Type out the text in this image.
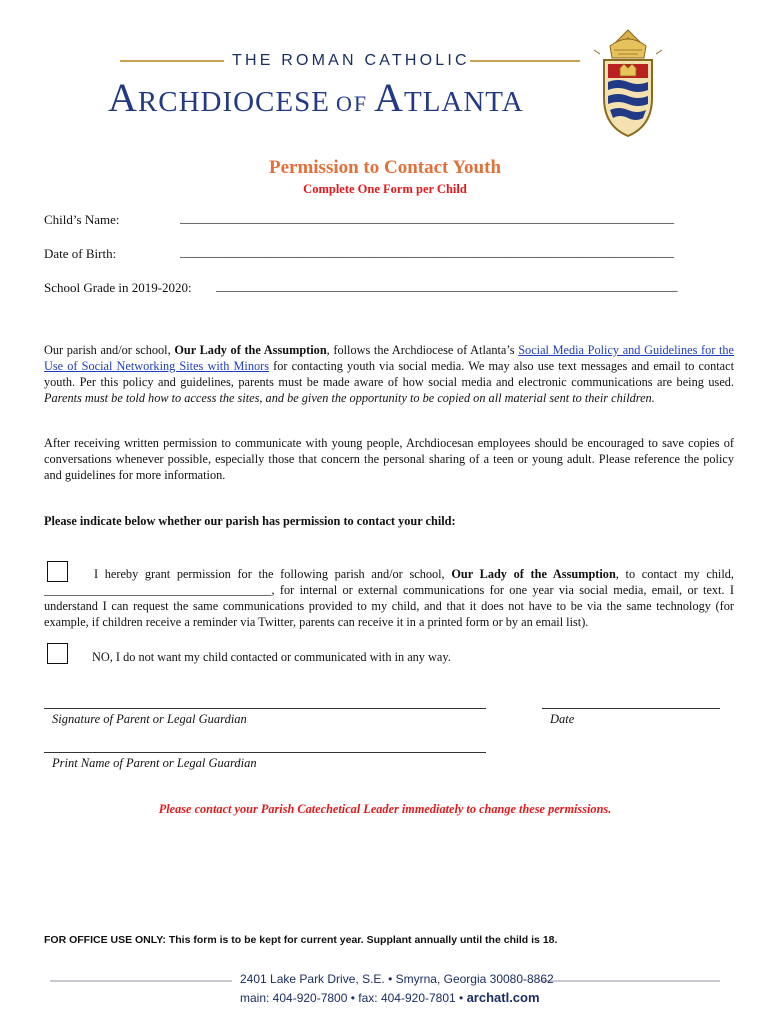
THE ROMAN CATHOLIC
ARCHDIOCESE OF ATLANTA
Permission to Contact Youth
Complete One Form per Child
Child’s Name:	____________________________________________________________________________
Date of Birth:	____________________________________________________________________________
School Grade in 2019-2020: _______________________________________________________________________
Our parish and/or school, Our Lady of the Assumption, follows the Archdiocese of Atlanta’s Social Media Policy and Guidelines for the Use of Social Networking Sites with Minors for contacting youth via social media. We may also use text messages and email to contact youth. Per this policy and guidelines, parents must be made aware of how social media and electronic communications are being used. Parents must be told how to access the sites, and be given the opportunity to be copied on all material sent to their children.
After receiving written permission to communicate with young people, Archdiocesan employees should be encouraged to save copies of conversations whenever possible, especially those that concern the personal sharing of a teen or young adult. Please reference the policy and guidelines for more information.
Please indicate below whether our parish has permission to contact your child:
I hereby grant permission for the following parish and/or school, Our Lady of the Assumption, to contact my child, _____________________________________, for internal or external communications for one year via social media, email, or text. I understand I can request the same communications provided to my child, and that it does not have to be via the same technology (for example, if children receive a reminder via Twitter, parents can receive it in a printed form or by an email list).
NO, I do not want my child contacted or communicated with in any way.
Signature of Parent or Legal Guardian	Date
Print Name of Parent or Legal Guardian
Please contact your Parish Catechetical Leader immediately to change these permissions.
FOR OFFICE USE ONLY: This form is to be kept for current year. Supplant annually until the child is 18.
2401 Lake Park Drive, S.E. • Smyrna, Georgia 30080-8862
main: 404-920-7800 • fax: 404-920-7801 • archatl.com
